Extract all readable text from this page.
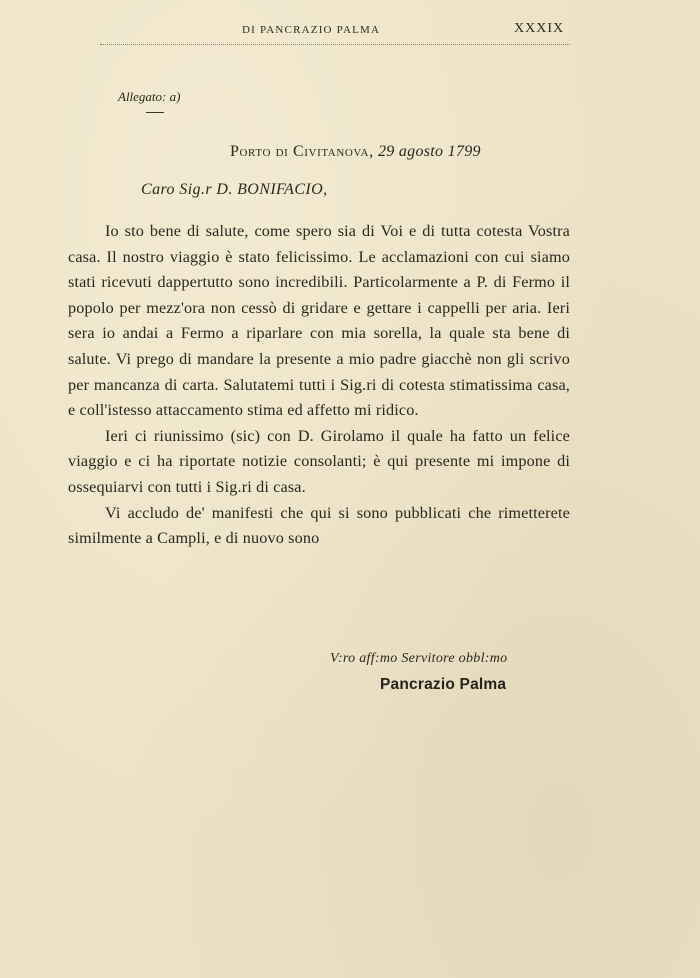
DI PANCRAZIO PALMA	XXXIX
Allegato: a)
Porto di Civitanova, 29 agosto 1799
Caro Sig.r D. BONIFACIO,

Io sto bene di salute, come spero sia di Voi e di tutta cotesta Vostra casa. Il nostro viaggio è stato felicissimo. Le acclamazioni con cui siamo stati ricevuti dappertutto sono incredibili. Particolarmente a P. di Fermo il popolo per mezz'ora non cessò di gridare e gettare i cappelli per aria. Ieri sera io andai a Fermo a riparlare con mia sorella, la quale sta bene di salute. Vi prego di mandare la presente a mio padre giacchè non gli scrivo per mancanza di carta. Salutatemi tutti i Sig.ri di cotesta stimatissima casa, e coll'istesso attaccamento stima ed affetto mi ridico.

Ieri ci riunissimo (sic) con D. Girolamo il quale ha fatto un felice viaggio e ci ha riportate notizie consolanti; è qui presente mi impone di ossequiarvi con tutti i Sig.ri di casa.

Vi accludo de' manifesti che qui si sono pubblicati che rimetterete similmente a Campli, e di nuovo sono

V:ro aff:mo Servitore obbl:mo
Pancrazio Palma
